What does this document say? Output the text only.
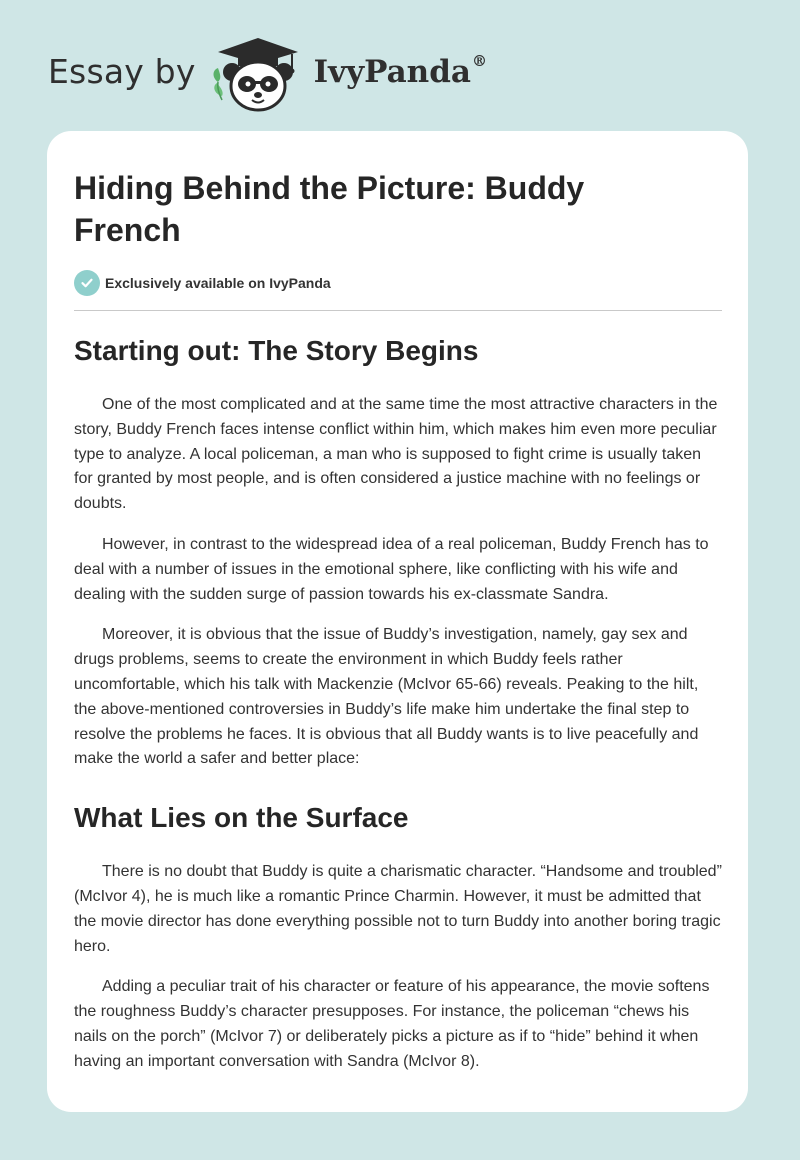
Essay by	IvyPanda®
Hiding Behind the Picture: Buddy French
Exclusively available on IvyPanda
Starting out: The Story Begins

One of the most complicated and at the same time the most attractive characters in the story, Buddy French faces intense conflict within him, which makes him even more peculiar type to analyze. A local policeman, a man who is supposed to fight crime is usually taken for granted by most people, and is often considered a justice machine with no feelings or doubts.

However, in contrast to the widespread idea of a real policeman, Buddy French has to deal with a number of issues in the emotional sphere, like conflicting with his wife and dealing with the sudden surge of passion towards his ex-classmate Sandra.

Moreover, it is obvious that the issue of Buddy’s investigation, namely, gay sex and drugs problems, seems to create the environment in which Buddy feels rather uncomfortable, which his talk with Mackenzie (McIvor 65-66) reveals. Peaking to the hilt, the above-mentioned controversies in Buddy’s life make him undertake the final step to resolve the problems he faces. It is obvious that all Buddy wants is to live peacefully and make the world a safer and better place:

What Lies on the Surface

There is no doubt that Buddy is quite a charismatic character. “Handsome and troubled” (McIvor 4), he is much like a romantic Prince Charmin. However, it must be admitted that the movie director has done everything possible not to turn Buddy into another boring tragic hero.

Adding a peculiar trait of his character or feature of his appearance, the movie softens the roughness Buddy’s character presupposes. For instance, the policeman “chews his nails on the porch” (McIvor 7) or deliberately picks a picture as if to “hide” behind it when having an important conversation with Sandra (McIvor 8).
